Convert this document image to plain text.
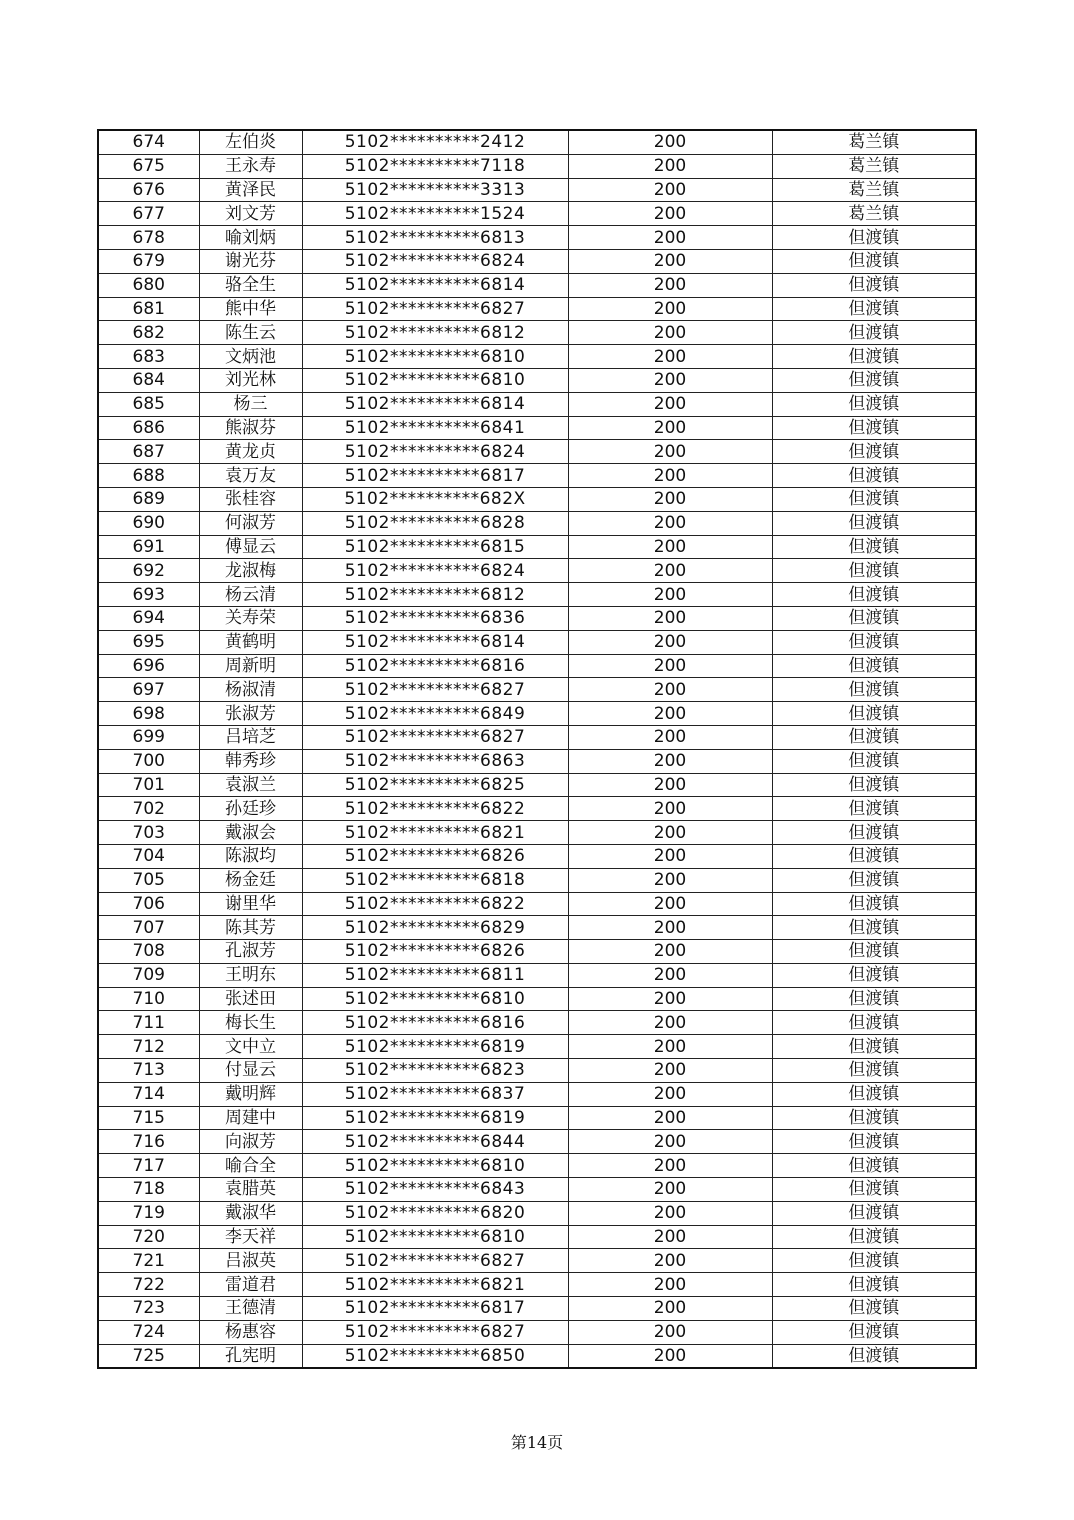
674	左伯炎	5102**********2412	200	葛兰镇
675	王永寿	5102**********7118	200	葛兰镇
676	黄泽民	5102**********3313	200	葛兰镇
677	刘文芳	5102**********1524	200	葛兰镇
678	喻刘炳	5102**********6813	200	但渡镇
679	谢光芬	5102**********6824	200	但渡镇
680	骆全生	5102**********6814	200	但渡镇
681	熊中华	5102**********6827	200	但渡镇
682	陈生云	5102**********6812	200	但渡镇
683	文炳池	5102**********6810	200	但渡镇
684	刘光林	5102**********6810	200	但渡镇
685	杨三	5102**********6814	200	但渡镇
686	熊淑芬	5102**********6841	200	但渡镇
687	黄龙贞	5102**********6824	200	但渡镇
688	袁万友	5102**********6817	200	但渡镇
689	张桂容	5102**********682X	200	但渡镇
690	何淑芳	5102**********6828	200	但渡镇
691	傅显云	5102**********6815	200	但渡镇
692	龙淑梅	5102**********6824	200	但渡镇
693	杨云清	5102**********6812	200	但渡镇
694	关寿荣	5102**********6836	200	但渡镇
695	黄鹤明	5102**********6814	200	但渡镇
696	周新明	5102**********6816	200	但渡镇
697	杨淑清	5102**********6827	200	但渡镇
698	张淑芳	5102**********6849	200	但渡镇
699	吕培芝	5102**********6827	200	但渡镇
700	韩秀珍	5102**********6863	200	但渡镇
701	袁淑兰	5102**********6825	200	但渡镇
702	孙廷珍	5102**********6822	200	但渡镇
703	戴淑会	5102**********6821	200	但渡镇
704	陈淑均	5102**********6826	200	但渡镇
705	杨金廷	5102**********6818	200	但渡镇
706	谢里华	5102**********6822	200	但渡镇
707	陈其芳	5102**********6829	200	但渡镇
708	孔淑芳	5102**********6826	200	但渡镇
709	王明东	5102**********6811	200	但渡镇
710	张述田	5102**********6810	200	但渡镇
711	梅长生	5102**********6816	200	但渡镇
712	文中立	5102**********6819	200	但渡镇
713	付显云	5102**********6823	200	但渡镇
714	戴明辉	5102**********6837	200	但渡镇
715	周建中	5102**********6819	200	但渡镇
716	向淑芳	5102**********6844	200	但渡镇
717	喻合全	5102**********6810	200	但渡镇
718	袁腊英	5102**********6843	200	但渡镇
719	戴淑华	5102**********6820	200	但渡镇
720	李天祥	5102**********6810	200	但渡镇
721	吕淑英	5102**********6827	200	但渡镇
722	雷道君	5102**********6821	200	但渡镇
723	王德清	5102**********6817	200	但渡镇
724	杨惠容	5102**********6827	200	但渡镇
725	孔宪明	5102**********6850	200	但渡镇
第14页
